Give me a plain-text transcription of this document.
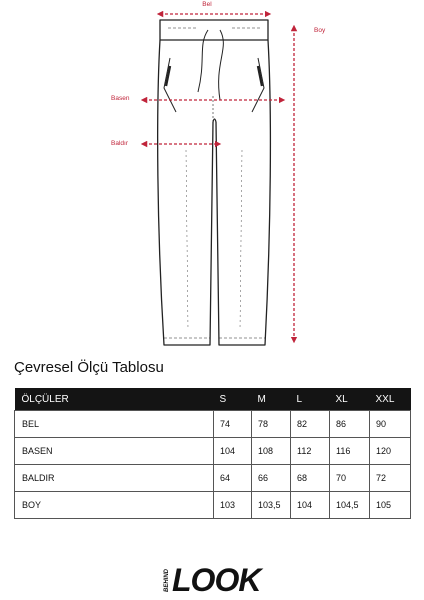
Bel
Boy
Basen
Baldır
Çevresel Ölçü Tablosu
ÖLÇÜLER	S	M	L	XL	XXL
BEL	74	78	82	86	90
BASEN	104	108	112	116	120
BALDIR	64	66	68	70	72
BOY	103	103,5	104	104,5	105
BEHIND LOOK
